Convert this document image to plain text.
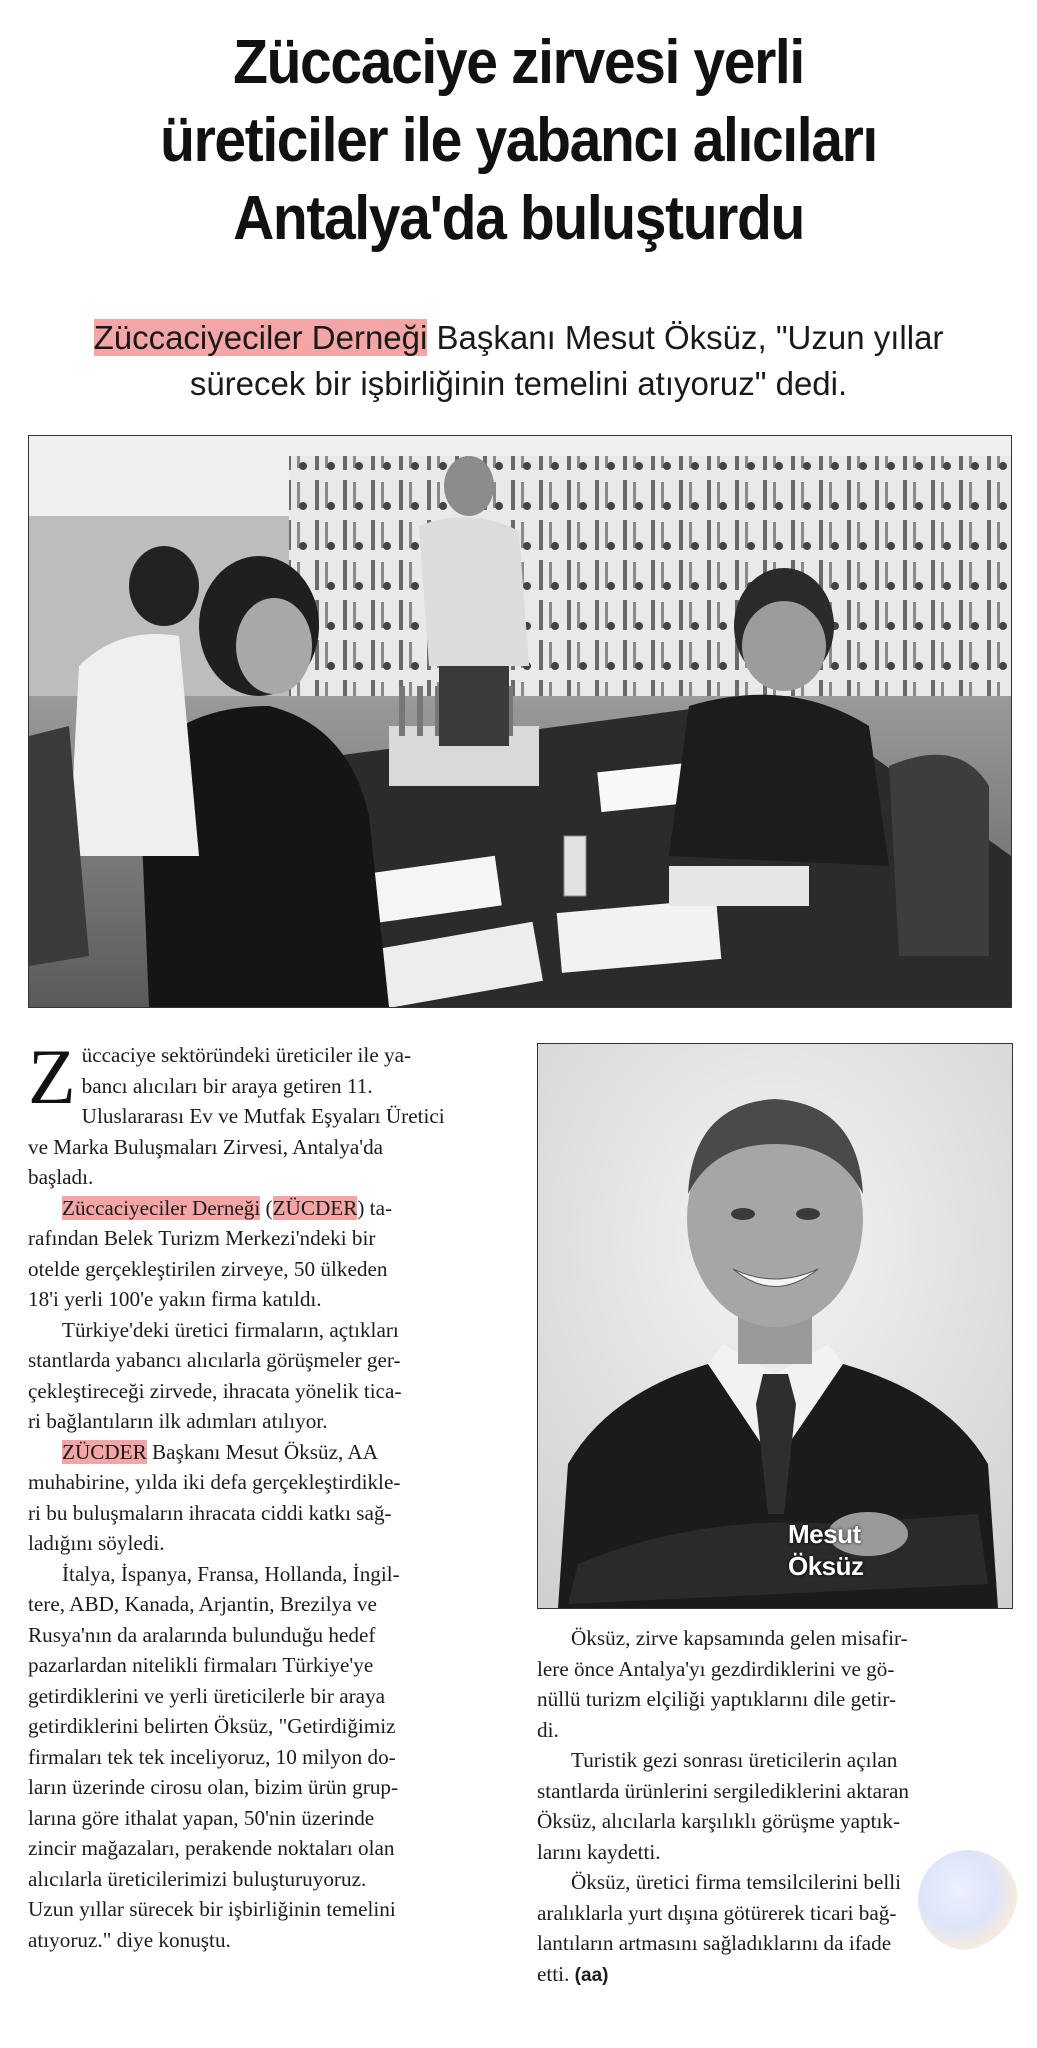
Züccaciye zirvesi yerli
üreticiler ile yabancı alıcıları
Antalya'da buluşturdu
Züccaciyeciler Derneği Başkanı Mesut Öksüz, "Uzun yıllar
sürecek bir işbirliğinin temelini atıyoruz" dedi.

Z üccaciye sektöründeki üreticiler ile ya-
bancı alıcıları bir araya getiren 11.
Uluslararası Ev ve Mutfak Eşyaları Üretici
ve Marka Buluşmaları Zirvesi, Antalya'da
başladı.

Züccaciyeciler Derneği (ZÜCDER) ta-

rafından Belek Turizm Merkezi'ndeki bir
otelde gerçekleştirilen zirveye, 50 ülkeden
18'i yerli 100'e yakın firma katıldı.

Türkiye'deki üretici firmaların, açtıkları

stantlarda yabancı alıcılarla görüşmeler ger-
çekleştireceği zirvede, ihracata yönelik tica-
ri bağlantıların ilk adımları atılıyor.

ZÜCDER Başkanı Mesut Öksüz, AA

muhabirine, yılda iki defa gerçekleştirdikle-
ri bu buluşmaların ihracata ciddi katkı sağ-
ladığını söyledi.

İtalya, İspanya, Fransa, Hollanda, İngil-

tere, ABD, Kanada, Arjantin, Brezilya ve
Rusya'nın da aralarında bulunduğu hedef
pazarlardan nitelikli firmaları Türkiye'ye
getirdiklerini ve yerli üreticilerle bir araya
getirdiklerini belirten Öksüz, "Getirdiğimiz
firmaları tek tek inceliyoruz, 10 milyon do-
ların üzerinde cirosu olan, bizim ürün grup-
larına göre ithalat yapan, 50'nin üzerinde
zincir mağazaları, perakende noktaları olan
alıcılarla üreticilerimizi buluşturuyoruz.
Uzun yıllar sürecek bir işbirliğinin temelini
atıyoruz." diye konuştu.
Mesut
Öksüz

Öksüz, zirve kapsamında gelen misafir-

lere önce Antalya'yı gezdirdiklerini ve gö-
nüllü turizm elçiliği yaptıklarını dile getir-
di.

Turistik gezi sonrası üreticilerin açılan

stantlarda ürünlerini sergilediklerini aktaran
Öksüz, alıcılarla karşılıklı görüşme yaptık-
larını kaydetti.

Öksüz, üretici firma temsilcilerini belli

aralıklarla yurt dışına götürerek ticari bağ-
lantıların artmasını sağladıklarını da ifade
etti. (aa)
